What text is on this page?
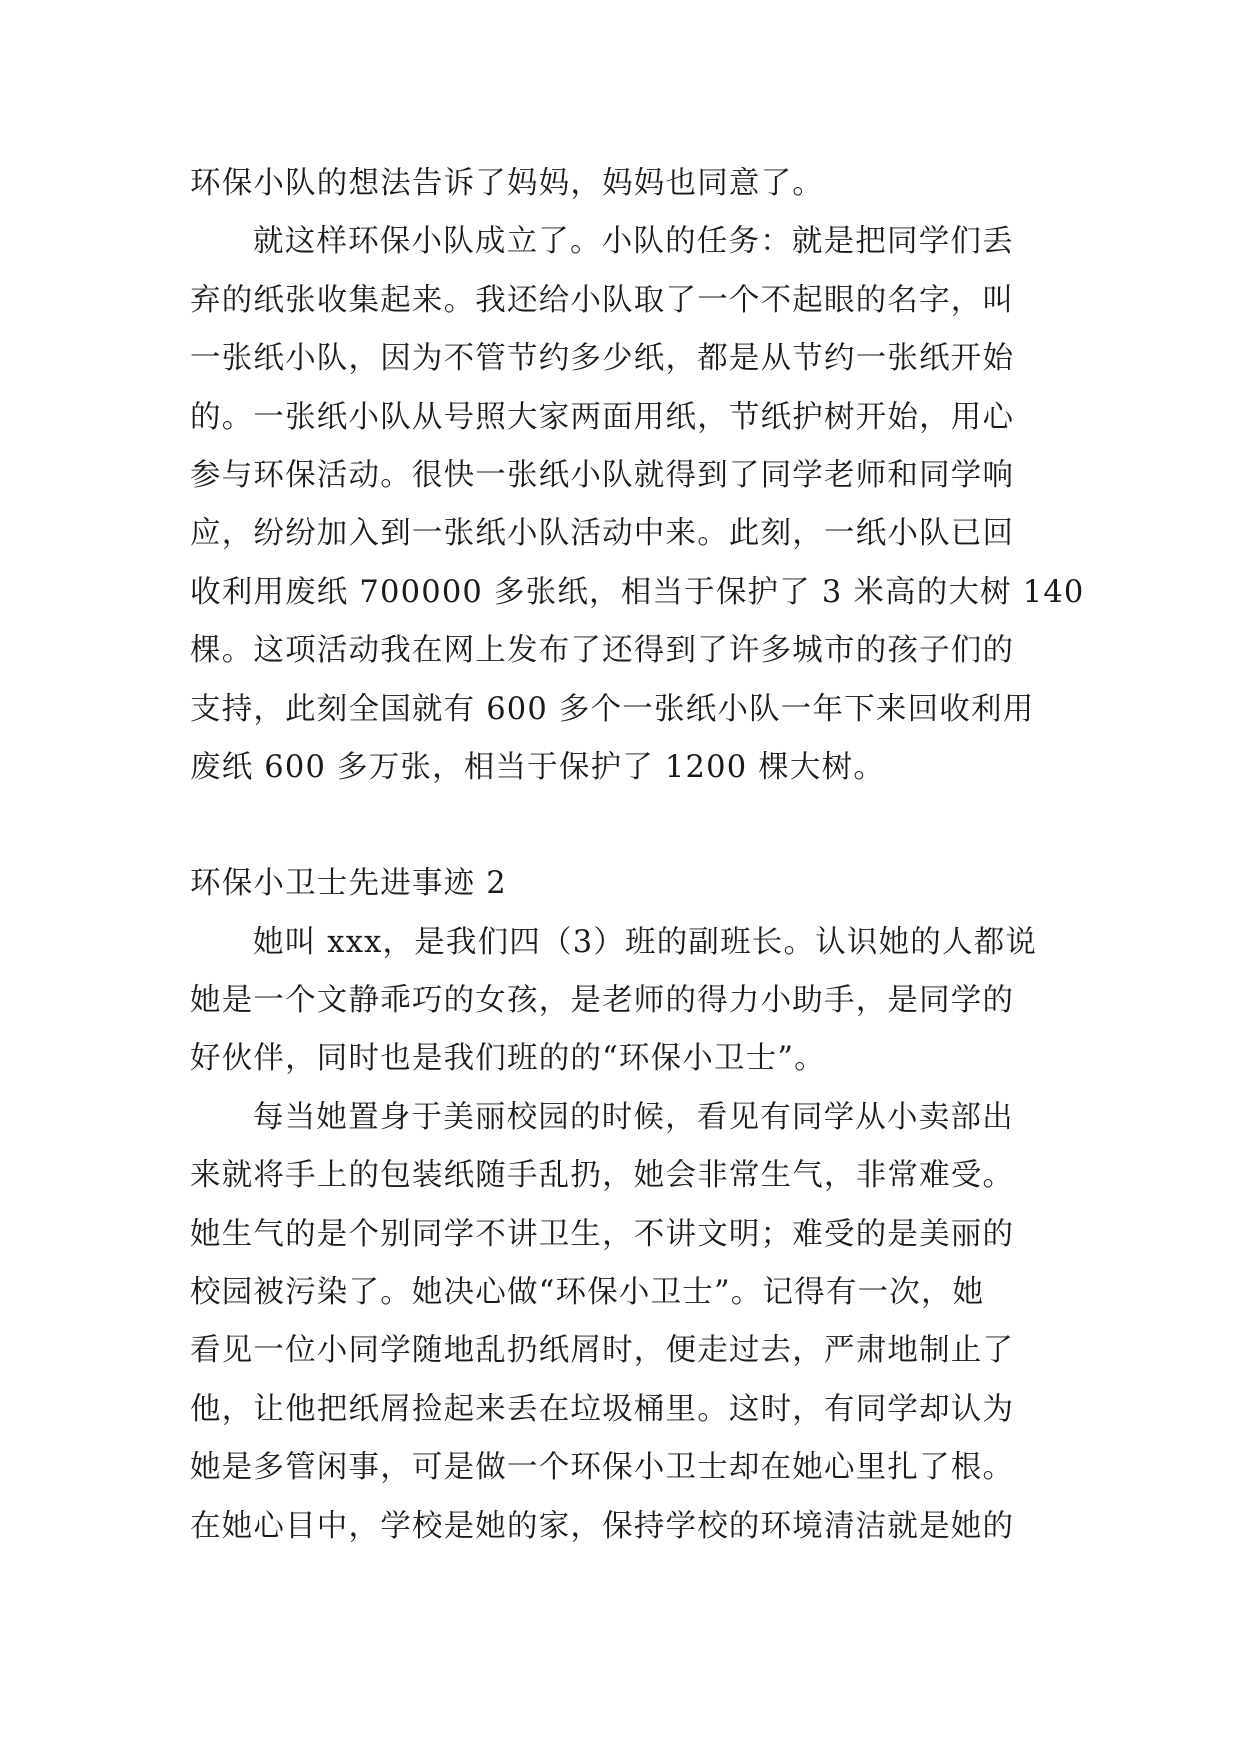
环保小队的想法告诉了妈妈，妈妈也同意了。
就这样环保小队成立了。小队的任务：就是把同学们丢
弃的纸张收集起来。我还给小队取了一个不起眼的名字，叫
一张纸小队，因为不管节约多少纸，都是从节约一张纸开始
的。一张纸小队从号照大家两面用纸，节纸护树开始，用心
参与环保活动。很快一张纸小队就得到了同学老师和同学响
应，纷纷加入到一张纸小队活动中来。此刻，一纸小队已回
收利用废纸 700000 多张纸，相当于保护了 3 米高的大树 140
棵。这项活动我在网上发布了还得到了许多城市的孩子们的
支持，此刻全国就有 600 多个一张纸小队一年下来回收利用
废纸 600 多万张，相当于保护了 1200 棵大树。
环保小卫士先进事迹 2
她叫 xxx，是我们四（3）班的副班长。认识她的人都说
她是一个文静乖巧的女孩，是老师的得力小助手，是同学的
好伙伴，同时也是我们班的的“环保小卫士”。
每当她置身于美丽校园的时候，看见有同学从小卖部出
来就将手上的包装纸随手乱扔，她会非常生气，非常难受。
她生气的是个别同学不讲卫生，不讲文明；难受的是美丽的
校园被污染了。她决心做“环保小卫士”。记得有一次，她
看见一位小同学随地乱扔纸屑时，便走过去，严肃地制止了
他，让他把纸屑捡起来丢在垃圾桶里。这时，有同学却认为
她是多管闲事，可是做一个环保小卫士却在她心里扎了根。
在她心目中，学校是她的家，保持学校的环境清洁就是她的
